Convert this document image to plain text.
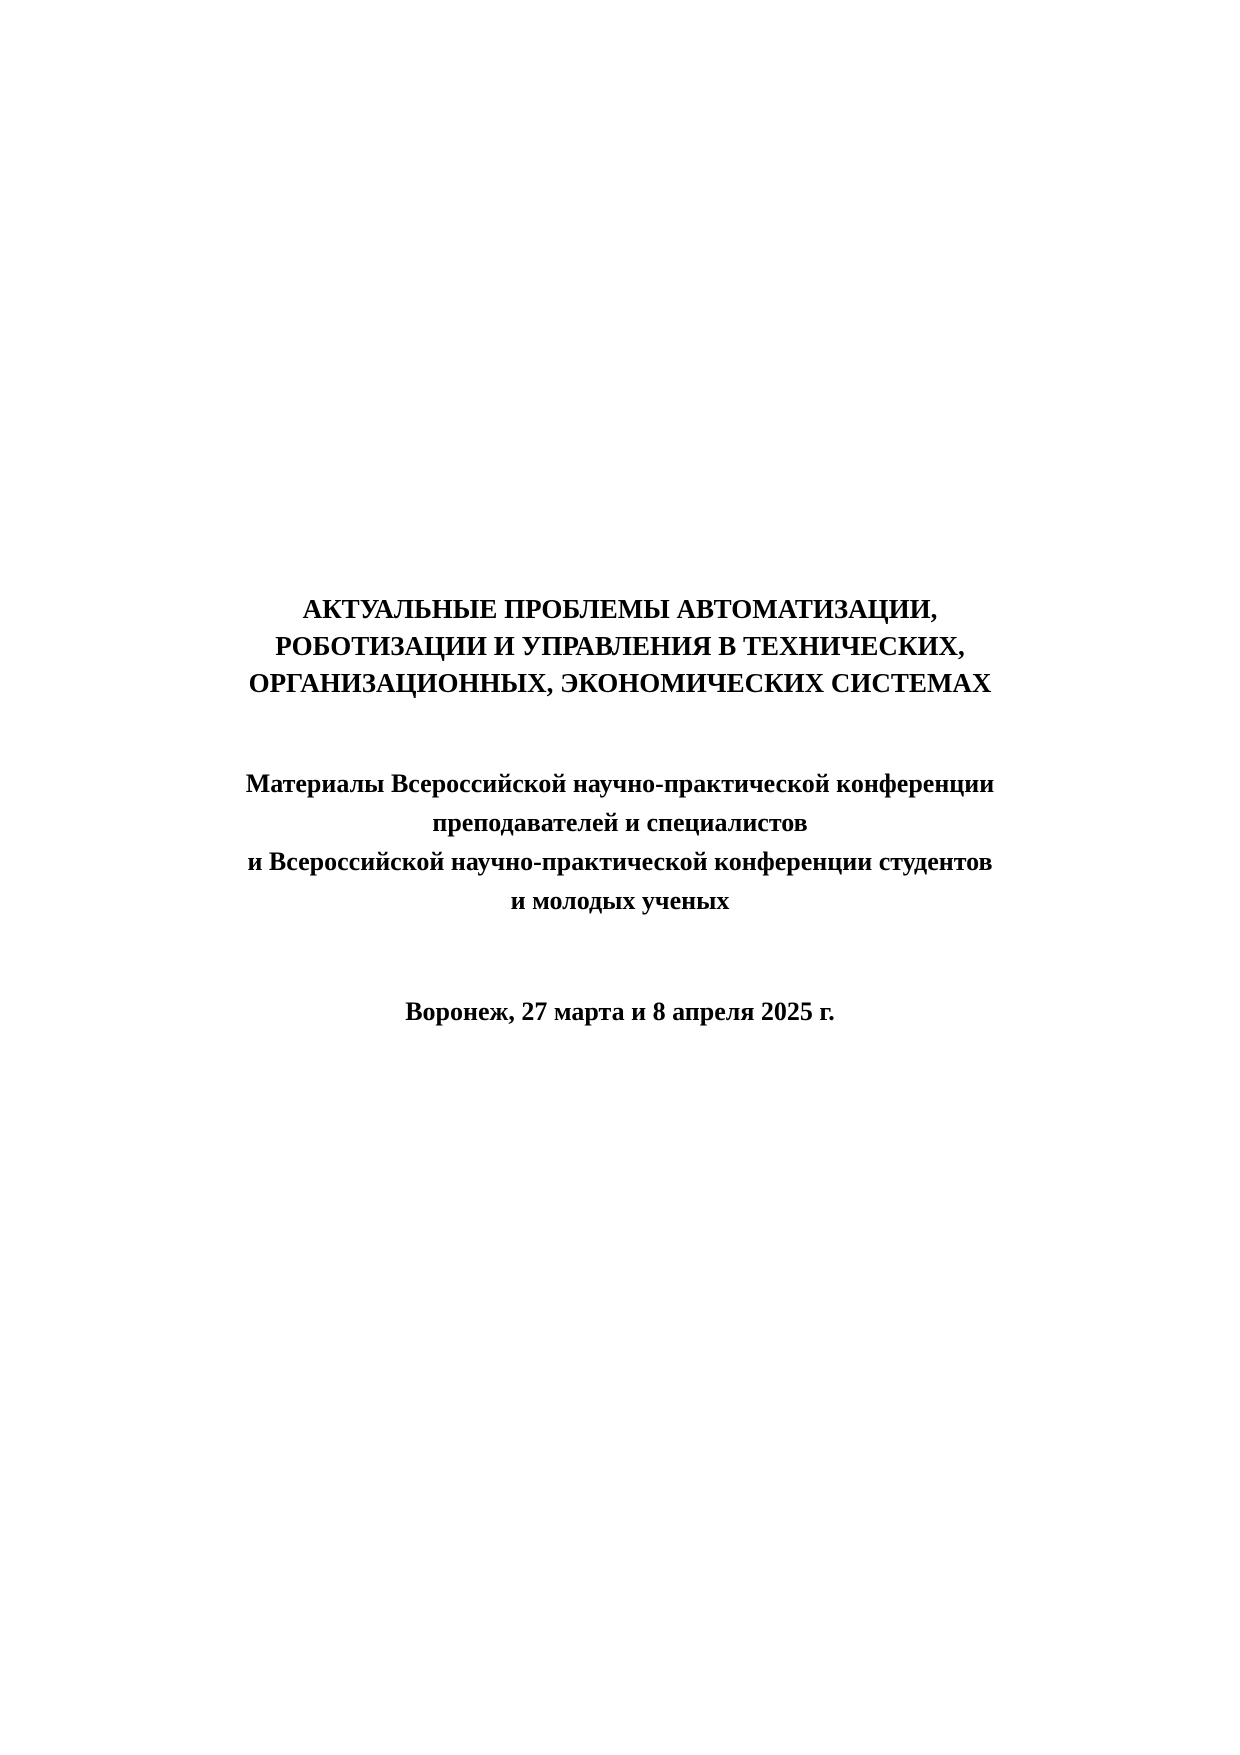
АКТУАЛЬНЫЕ ПРОБЛЕМЫ АВТОМАТИЗАЦИИ,
РОБОТИЗАЦИИ И УПРАВЛЕНИЯ В ТЕХНИЧЕСКИХ,
ОРГАНИЗАЦИОННЫХ, ЭКОНОМИЧЕСКИХ СИСТЕМАХ
Материалы Всероссийской научно-практической конференции
преподавателей и специалистов
и Всероссийской научно-практической конференции студентов
и молодых ученых
Воронеж, 27 марта и 8 апреля 2025 г.
